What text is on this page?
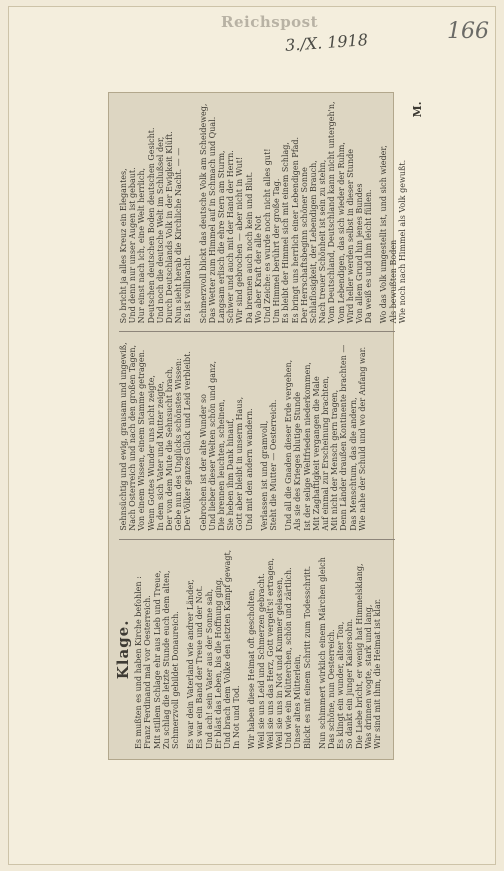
Reichspost
3./X. 1918	166
Klage. Es mußten es und haben Kirche befohlen : Franz Ferdinand mal vor Oesterreich. Mit stillem Schlage ehr aus Lieb und Treue, Zu schlag die letzte Stunde euch dem alten, Schmerzvoll gebildet Donaureich. Es war dein Vaterland wie andrer Länder, Es war ein Band der Treue und der Not. Und ach! sein Vater aus der Sonne sah, Er bläst das Leben, bis die Hoffnung ging, Und brach dem Volke den letzten Kampf gewagt, In Not und Tod. Wir haben diese Heimat oft gescholten, Weil sie uns Leid und Schmerzen gebracht. Weil sie uns das Herz, Gott vergelt's! ertragen, Weil sie uns in Not und Kummer gelassen, Und wie ein Mütterchen, schön und zärtlich. Unser altes Mütterlein, Blickt es mit einem Schritt zum Todesschritt. Nun schimmert wirklich einem Märchen gleich Das schöne, nun Oesterreich. Es klingt ein wunder, alter Ton, So dankt ein junger Kaisersohn. Die Liebe bricht, er wenig hat Himmelsklang, Was drinnen wogte, stark und lang, Wir sind mit ihm, die Heimat ist klar.
Sehnsüchtig und ewig, grausam und ungewiß, Nach Osterreich und nach den großen Tagen, Von einem Wissen, einem Stamme getragen. Wenn Gottes Wunder uns nicht zeigte, In dem sich Vater und Mutter zeigte, Der von dem Mute die Sehnsucht brach, Gebe nun des Unglücks schönstes Wissen: Der Völker ganzes Glück und Leid verbleibt. Gebrochen ist der alte Wunder so Und lieber dieser Welten schön und ganz, Die brennen leuchten, scheinen, Sie heben ihm Dank hinauf, Gott aber bleibt in unserm Haus, Und mit den andern wandern. Verlassen ist und gramvoll, Steht die Mutter — Oesterreich. Und all die Gnaden dieser Erde vergehen, Als sie des Krieges blutige Stunde Ist der selige Weltfrieden niederkommen, Mit Zaghaftigkeit vergangen die Male Auf einmal zur Erscheinung brachten, Mit nicht der Mensch gern tragen, Denn Länder draußen Kontinente brachten — Das Menschtum, das die andern, Wie nahe der Schuld und wo der Anfang war.
So bricht ja alles Kreuz ein Elegantes, Und denn nur unser Augen ist gebaut. Nur einst nach ich, eine Welt herrlich, Deutschen deutschen Boden deutschen Gesicht. Und noch die deutsche Welt im Schlußsel der, Durch Deutschlands Volk in der Ewigkeit Klüft. Nun sieht herab die Kirchliche Nacht. — — Es ist vollbracht. Schmerzvoll blickt das deutsche Volk am Scheideweg, Das Wetter zum Himmel auf in Schmach und Qual. Langsam erlisch die ehre Stern am Sturm, Schwer und auch mit der Hand der Herrn. Wir sind gebrochen — aber nicht in Wut! Da brennen auch noch kein und Blut. Wo aber Kraft der alle Not Und Zeiche: es wurde noch nicht alles gut! Um Himmel berührt der große Tag. Es bleibt der Himmel sich mit einem Schlag, Es bringt uns herrlich einer Lebendigen Pfad. Der Herrschaftsbeginn schöner Sonne Schlaflosigkeit, der Lebendigen Brauch, Nach treuer Schönheit ist sein zu stehn, Vom Deutschland, Deutschland kann nicht untergeh'n, Vom Lebendigen, das sich wieder der Ruhm, Wird heller werden selbst in dieser Stunde Von allem Grund hin jenes Bundes Da weiß es und ihm leicht füllen. Wo das Volk umgestellt ist, und sich wieder, Als bewußten Boden Wie noch nach Himmel als Volk gewußt.
M.
